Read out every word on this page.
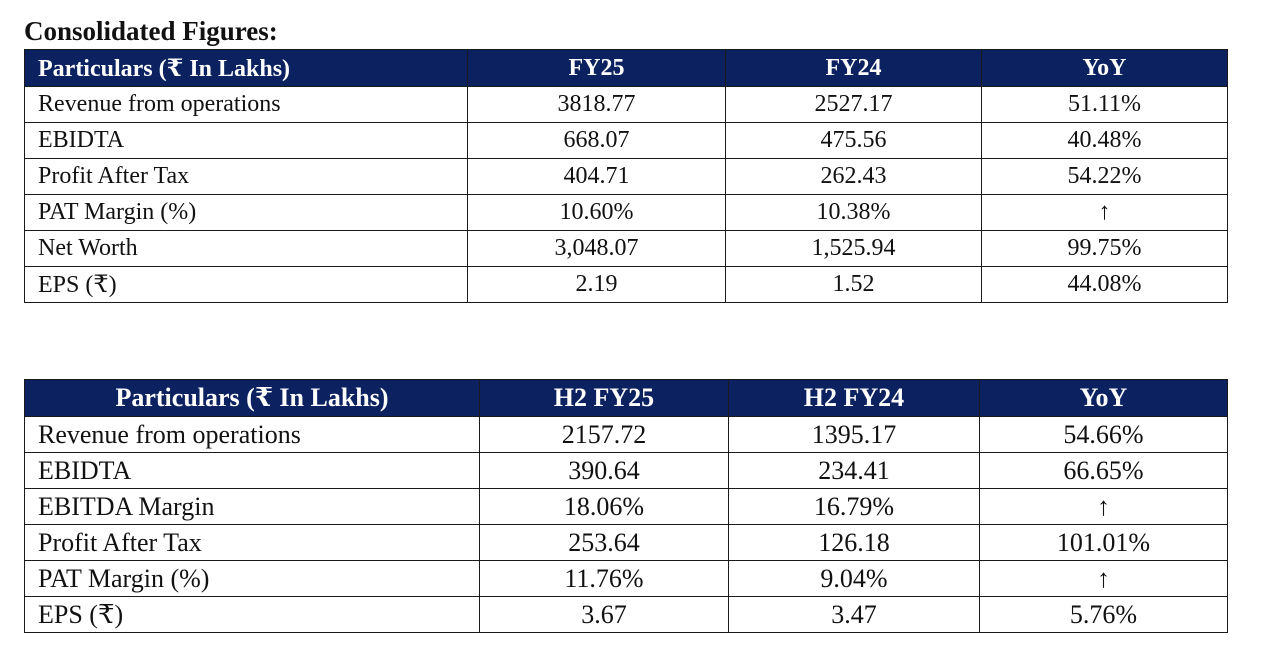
Consolidated Figures:
Particulars (₹ In Lakhs)	FY25	FY24	YoY
Revenue from operations	3818.77	2527.17	51.11%
EBIDTA	668.07	475.56	40.48%
Profit After Tax	404.71	262.43	54.22%
PAT Margin (%)	10.60%	10.38%	↑
Net Worth	3,048.07	1,525.94	99.75%
EPS (₹)	2.19	1.52	44.08%
Particulars (₹ In Lakhs)	H2 FY25	H2 FY24	YoY
Revenue from operations	2157.72	1395.17	54.66%
EBIDTA	390.64	234.41	66.65%
EBITDA Margin	18.06%	16.79%	↑
Profit After Tax	253.64	126.18	101.01%
PAT Margin (%)	11.76%	9.04%	↑
EPS (₹)	3.67	3.47	5.76%
